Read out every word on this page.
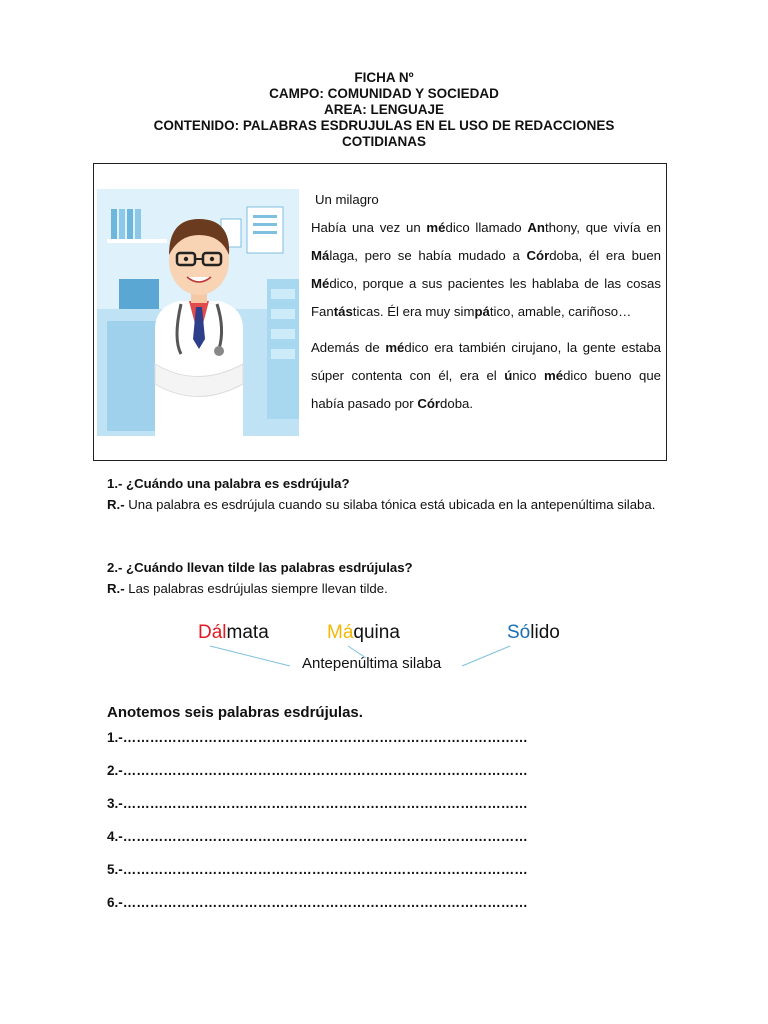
FICHA Nº
CAMPO: COMUNIDAD Y SOCIEDAD
AREA: LENGUAJE
CONTENIDO: PALABRAS ESDRUJULAS EN EL USO DE REDACCIONES
COTIDIANAS

Un milagro

Había una vez un médico llamado Anthony, que vivía en Málaga, pero se había mudado a Córdoba, él era buen Médico, porque a sus pacientes les hablaba de las cosas Fantásticas. Él era muy simpático, amable, cariñoso…

Además de médico era también cirujano, la gente estaba súper contenta con él, era el único médico bueno que había pasado por Córdoba.

1.- ¿Cuándo una palabra es esdrújula?
R.- Una palabra es esdrújula cuando su silaba tónica está ubicada en la antepenúltima silaba.
2.- ¿Cuándo llevan tilde las palabras esdrújulas?
R.- Las palabras esdrújulas siempre llevan tilde.
Dálmata	Máquina	Sólido
Antepenúltima silaba
Anotemos seis palabras esdrújulas.
1.-………………………………………………………………………………
2.-………………………………………………………………………………
3.-………………………………………………………………………………
4.-………………………………………………………………………………
5.-………………………………………………………………………………
6.-………………………………………………………………………………
